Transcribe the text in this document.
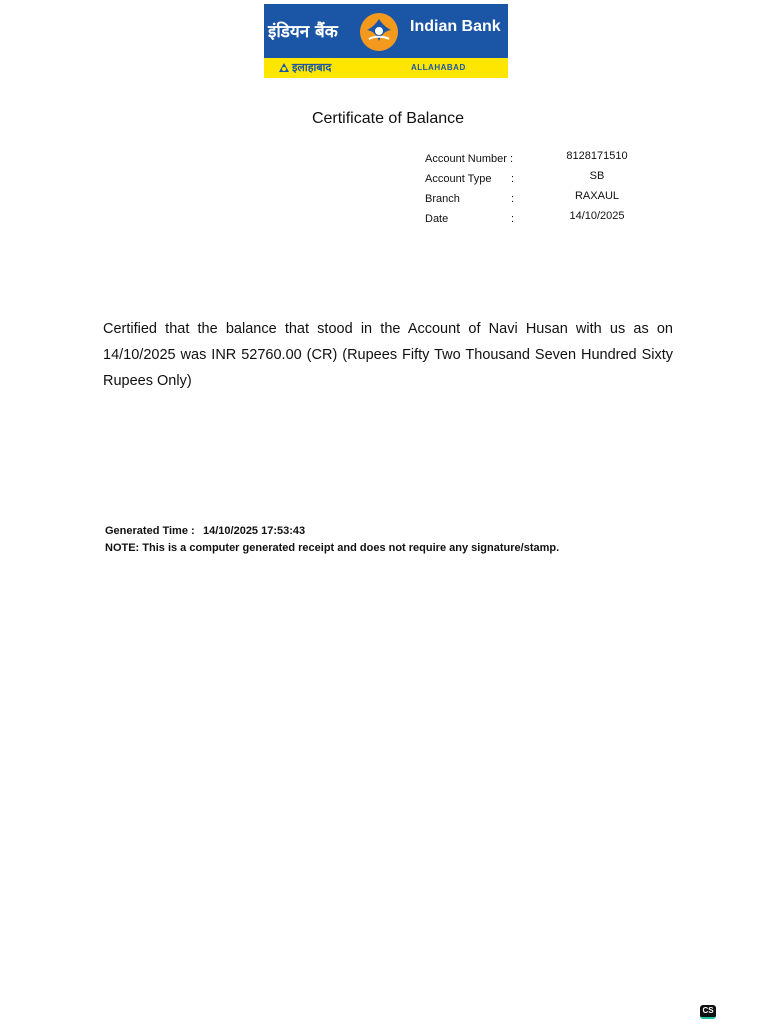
इंडियन बैंक	Indian Bank
इलाहाबाद	ALLAHABAD
Certificate of Balance
Account Number :	8128171510
Account Type :	SB
Branch	:	RAXAUL
Date	:	14/10/2025
Certified that the balance that stood in the Account of Navi Husan with us as on 14/10/2025 was INR 52760.00 (CR) (Rupees Fifty Two Thousand Seven Hundred Sixty Rupees Only)
Generated Time : 14/10/2025 17:53:43
NOTE: This is a computer generated receipt and does not require any signature/stamp.
CS
